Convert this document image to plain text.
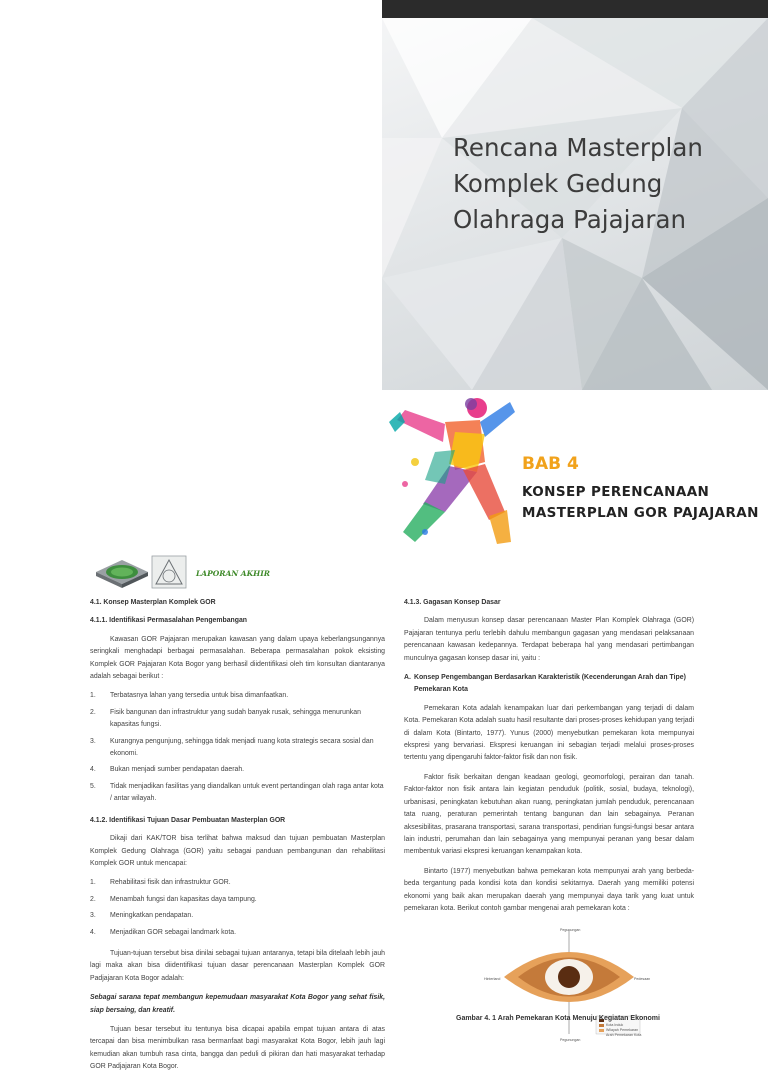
Rencana Masterplan
Komplek Gedung
Olahraga Pajajaran
BAB 4
KONSEP PERENCANAAN
MASTERPLAN GOR PAJAJARAN
LAPORAN AKHIR
4.1. Konsep Masterplan Komplek GOR
4.1.1. Identifikasi Permasalahan Pengembangan

Kawasan GOR Pajajaran merupakan kawasan yang dalam upaya keberlangsungannya seringkali menghadapi berbagai permasalahan. Beberapa permasalahan pokok eksisting Komplek GOR Pajajaran Kota Bogor yang berhasil diidentifikasi oleh tim konsultan diantaranya adalah sebagai berikut :

1. Terbatasnya lahan yang tersedia untuk bisa dimanfaatkan.
2. Fisik bangunan dan infrastruktur yang sudah banyak rusak, sehingga menurunkan kapasitas fungsi.
3. Kurangnya pengunjung, sehingga tidak menjadi ruang kota strategis secara sosial dan ekonomi.
4. Bukan menjadi sumber pendapatan daerah.
5. Tidak menjadikan fasilitas yang diandalkan untuk event pertandingan olah raga antar kota / antar wilayah.
4.1.2. Identifikasi Tujuan Dasar Pembuatan Masterplan GOR

Dikaji dari KAK/TOR bisa terlihat bahwa maksud dan tujuan pembuatan Masterplan Komplek Gedung Olahraga (GOR) yaitu sebagai panduan pembangunan dan rehabilitasi Komplek GOR untuk mencapai:

1. Rehabilitasi fisik dan infrastruktur GOR.
2. Menambah fungsi dan kapasitas daya tampung.
3. Meningkatkan pendapatan.
4. Menjadikan GOR sebagai landmark kota.

Tujuan-tujuan tersebut bisa dinilai sebagai tujuan antaranya, tetapi bila ditelaah lebih jauh lagi maka akan bisa diidentifikasi tujuan dasar perencanaan Masterplan Komplek GOR Padjajaran Kota Bogor adalah:

Sebagai sarana tepat membangun kepemudaan masyarakat Kota Bogor yang sehat fisik, siap bersaing, dan kreatif.

Tujuan besar tersebut itu tentunya bisa dicapai apabila empat tujuan antara di atas tercapai dan bisa menimbulkan rasa bermanfaat bagi masyarakat Kota Bogor, lebih jauh lagi kemudian akan tumbuh rasa cinta, bangga dan peduli di pikiran dan hati masyarakat terhadap GOR Padjajaran Kota Bogor.

4.1.3. Gagasan Konsep Dasar

Dalam menyusun konsep dasar perencanaan Master Plan Komplek Olahraga (GOR) Pajajaran tentunya perlu terlebih dahulu membangun gagasan yang mendasari pelaksanaan perencanaan kawasan kedepannya. Terdapat beberapa hal yang mendasari pertimbangan munculnya gagasan konsep dasar ini, yaitu :

A. Konsep Pengembangan Berdasarkan Karakteristik (Kecenderungan Arah dan Tipe) Pemekaran Kota

Pemekaran Kota adalah kenampakan luar dari perkembangan yang terjadi di dalam Kota. Pemekaran Kota adalah suatu hasil resultante dari proses-proses kehidupan yang terjadi di dalam Kota (Bintarto, 1977). Yunus (2000) menyebutkan pemekaran kota mempunyai ekspresi yang bervariasi. Ekspresi keruangan ini sebagian terjadi melalui proses-proses tertentu yang dipengaruhi faktor-faktor fisik dan non fisik.

Faktor fisik berkaitan dengan keadaan geologi, geomorfologi, perairan dan tanah. Faktor-faktor non fisik antara lain kegiatan penduduk (politik, sosial, budaya, teknologi), urbanisasi, peningkatan kebutuhan akan ruang, peningkatan jumlah penduduk, perencanaan tata ruang, peraturan pemerintah tentang bangunan dan lain sebagainya. Peranan aksesibilitas, prasarana transportasi, sarana transportasi, pendirian fungsi-fungsi besar antara lain industri, perumahan dan lain sebagainya yang mempunyai peranan yang besar dalam membentuk variasi ekspresi keruangan kenampakan kota.

Bintarto (1977) menyebutkan bahwa pemekaran kota mempunyai arah yang berbeda-beda tergantung pada kondisi kota dan kondisi sekitarnya. Daerah yang memiliki potensi ekonomi yang baik akan merupakan daerah yang mempunyai daya tarik yang kuat untuk pemekaran kota. Berikut contoh gambar mengenai arah pemekaran kota :

Pegunungan
Pegunungan
Hinterland	Pedesaan
Kota Induk
Wilayah Pemekaran
Arah Pemekaran Kota
Gambar 4. 1 Arah Pemekaran Kota Menuju Kegiatan Ekonomi
